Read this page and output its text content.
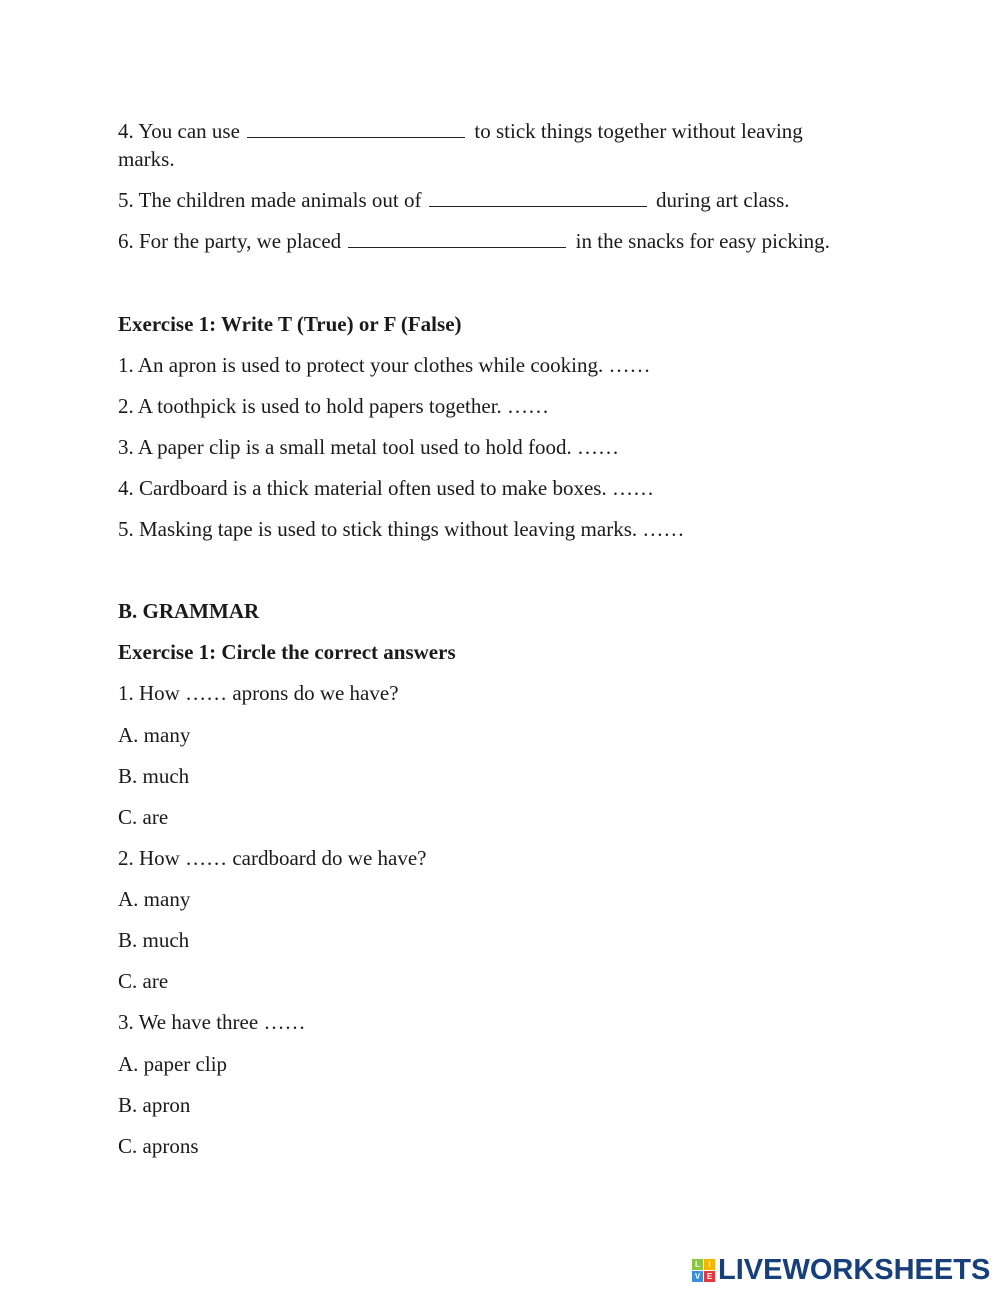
4. You can use	to stick things together without leaving
marks.
5. The children made animals out of	during art class.
6. For the party, we placed	in the snacks for easy picking.
Exercise 1: Write T (True) or F (False)
1. An apron is used to protect your clothes while cooking. ……
2. A toothpick is used to hold papers together. ……
3. A paper clip is a small metal tool used to hold food. ……
4. Cardboard is a thick material often used to make boxes. ……
5. Masking tape is used to stick things without leaving marks. ……
B. GRAMMAR
Exercise 1: Circle the correct answers
1. How …… aprons do we have?
A. many
B. much
C. are
2. How …… cardboard do we have?
A. many
B. much
C. are
3. We have three ……
A. paper clip
B. apron
C. aprons
L	I
V E LIVEWORKSHEETS
